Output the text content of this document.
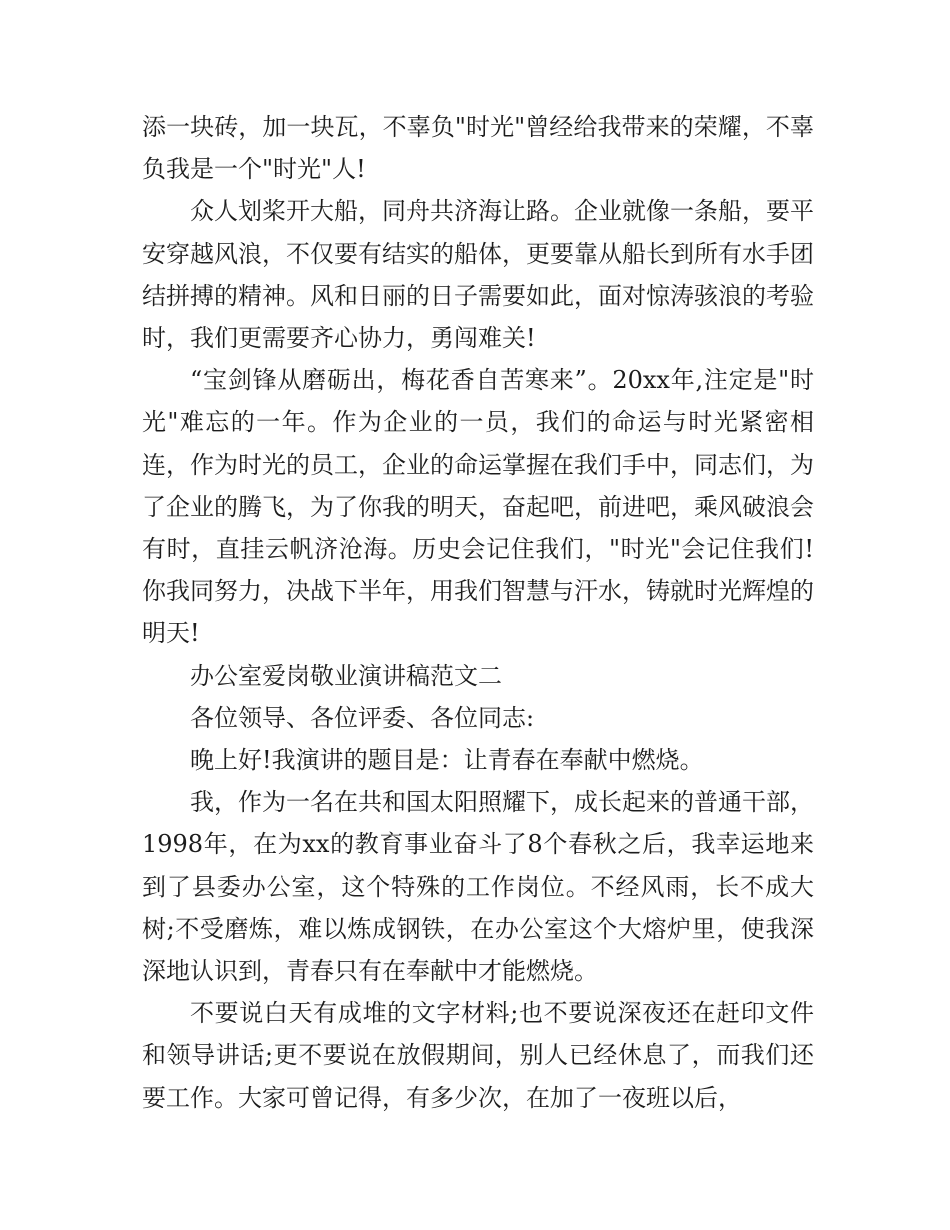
添一块砖，加一块瓦，不辜负"时光"曾经给我带来的荣耀，不辜负我是一个"时光"人!

众人划桨开大船，同舟共济海让路。企业就像一条船，要平安穿越风浪，不仅要有结实的船体，更要靠从船长到所有水手团结拼搏的精神。风和日丽的日子需要如此，面对惊涛骇浪的考验时，我们更需要齐心协力，勇闯难关!

“宝剑锋从磨砺出，梅花香自苦寒来”。20xx年,注定是"时光"难忘的一年。作为企业的一员，我们的命运与时光紧密相连，作为时光的员工，企业的命运掌握在我们手中，同志们，为了企业的腾飞，为了你我的明天，奋起吧，前进吧，乘风破浪会有时，直挂云帆济沧海。历史会记住我们，"时光"会记住我们!你我同努力，决战下半年，用我们智慧与汗水，铸就时光辉煌的明天!

办公室爱岗敬业演讲稿范文二

各位领导、各位评委、各位同志:

晚上好!我演讲的题目是：让青春在奉献中燃烧。

我，作为一名在共和国太阳照耀下，成长起来的普通干部，1998年，在为xx的教育事业奋斗了8个春秋之后，我幸运地来到了县委办公室，这个特殊的工作岗位。不经风雨，长不成大树;不受磨炼，难以炼成钢铁，在办公室这个大熔炉里，使我深深地认识到，青春只有在奉献中才能燃烧。

不要说白天有成堆的文字材料;也不要说深夜还在赶印文件和领导讲话;更不要说在放假期间，别人已经休息了，而我们还要工作。大家可曾记得，有多少次，在加了一夜班以后，
